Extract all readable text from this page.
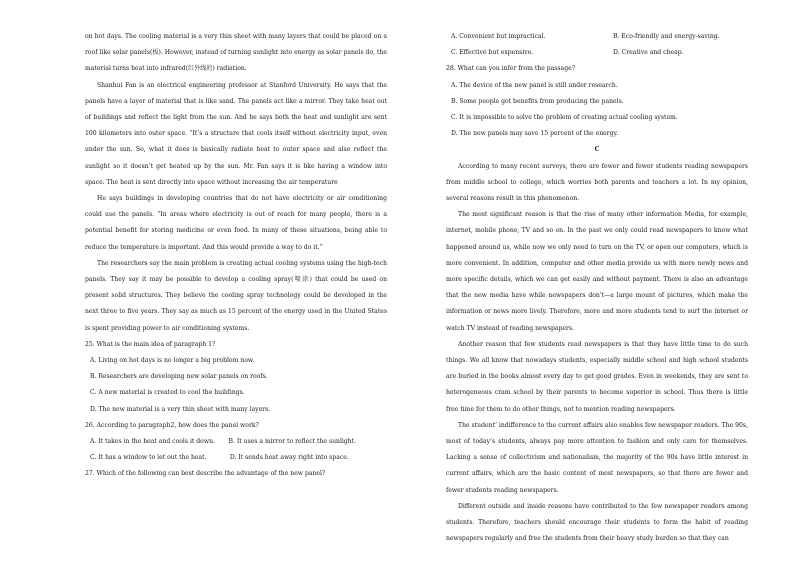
on hot days. The cooling material is a very thin sheet with many layers that could be placed on a roof like solar panels(板). However, instead of turning sunlight into energy as solar panels do, the material turns heat into infrared(红外线的) radiation.

Shanhui Fan is an electrical engineering professor at Stanford University. He says that the panels have a layer of material that is like sand. The panels act like a mirror. They take heat out of buildings and reflect the light from the sun. And he says both the heat and sunlight are sent 100 kilometers into outer space. “It’s a structure that cools itself without electricity input, even under the sun. So, what it does is basically radiate heat to outer space and also reflect the sunlight so it doesn’t get heated up by the sun. Mr. Fan says it is like having a window into space. The heat is sent directly into space without increasing the air temperature

He says buildings in developing countries that do not have electricity or air conditioning could use the panels. “In areas where electricity is out of reach for many people, there is a potential benefit for storing medicine or even food. In many of these situations, being able to reduce the temperature is important. And this would provide a way to do it.”

The researchers say the main problem is creating actual cooling systems using the high-tech panels. They say it may be possible to develop a cooling spray(喷涂) that could be used on present solid structures. They believe the cooling spray technology could be developed in the next three to five years. They say as much as 15 percent of the energy used in the United States is spent providing power to air conditioning systems.

25. What is the main idea of paragraph 1?

A. Living on hot days is no longer a big problem now.

B. Researchers are developing new solar panels on roofs.

C. A new material is created to cool the buildings.

D. The new material is a very thin sheet with many layers.

26. According to paragraph2, how does the panel work?

A. It takes in the heat and cools it down. B. It uses a mirror to reflect the sunlight.

C. It has a window to let out the heat.	D. It sends heat away right into space.

27. Which of the following can best describe the advantage of the new panel?

A. Convenient but impractical.	B. Eco-friendly and energy-saving.
C. Effective but expensive.	D. Creative and cheap.

28. What can you infer from the passage?

A. The device of the new panel is still under research.

B. Some people got benefits from producing the panels.

C. It is impossible to solve the problem of creating actual cooling system.

D. The new panels may save 15 percent of the energy.

C

According to many recent surveys, there are fewer and fewer students reading newspapers from middle school to college, which worries both parents and teachers a lot. In my opinion, several reasons result in this phenomenon.

The most significant reason is that the rise of many other information Media, for example, internet, mobile phone, TV and so on. In the past we only could read newspapers to know what happened around us, while now we only need to turn on the TV, or open our computers, which is more convenient. In addition, computer and other media provide us with more newly news and more specific details, which we can get easily and without payment. There is also an advantage that the new media have while newspapers don’t—a large mount of pictures, which make the information or news more lively. Therefore, more and more students tend to surf the internet or watch TV instead of reading newspapers.

Another reason that few students read newspapers is that they have little time to do such things. We all know that nowadays students, especially middle school and high school students are buried in the books almost every day to get good grades. Even in weekends, they are sent to heterogeneous cram school by their parents to become superior in school. Thus there is little free time for them to do other things, not to mention reading newspapers.

The student’ indifference to the current affairs also enables few newspaper readers. The 90s, most of today’s students, always pay more attention to fashion and only care for themselves. Lacking a sense of collectivism and nationalism, the majority of the 90s have little interest in current affairs, which are the basic content of most newspapers, so that there are fewer and fewer students reading newspapers.

Different outside and inside reasons have contributed to the few newspaper readers among students. Therefore, teachers should encourage their students to form the habit of reading newspapers regularly and free the students from their heavy study burden so that they can
